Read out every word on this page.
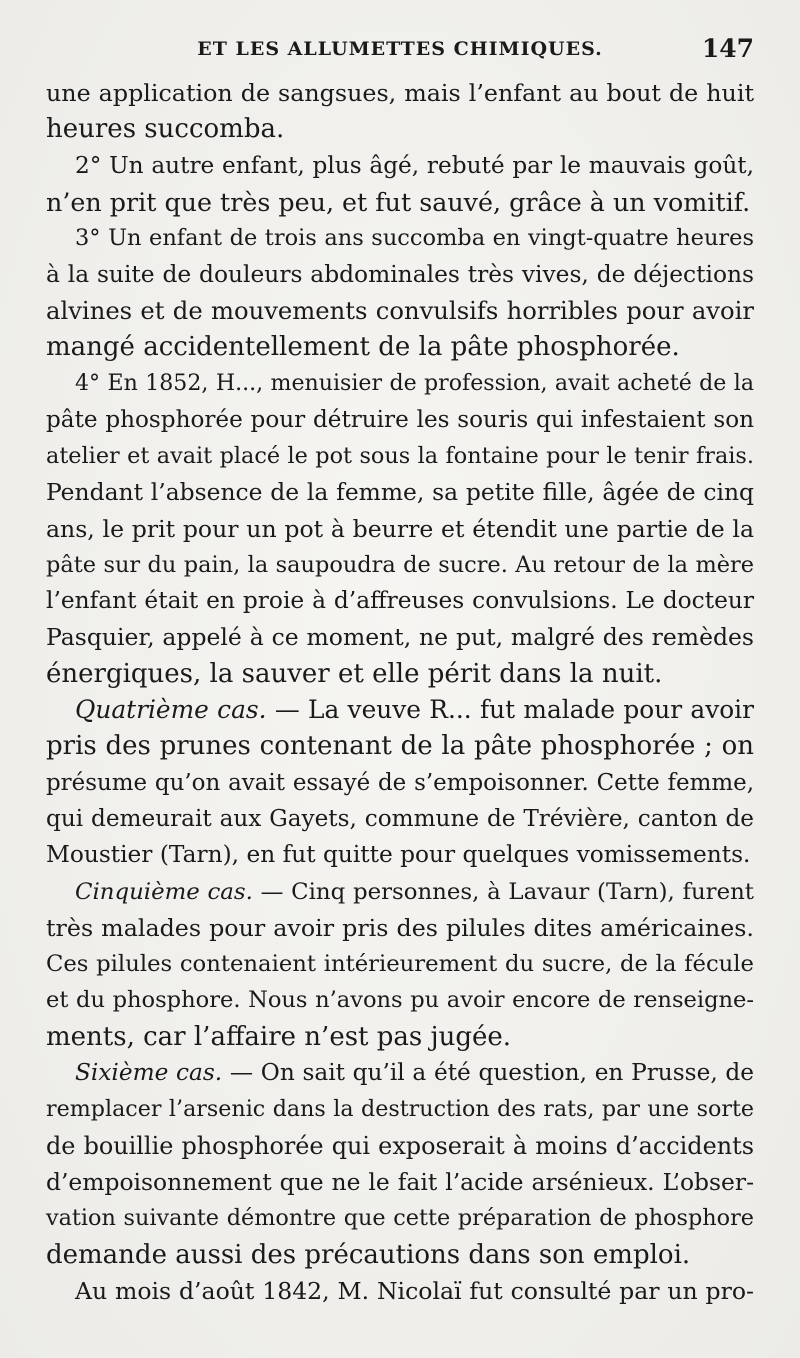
ET LES ALLUMETTES CHIMIQUES.	147
une application de sangsues, mais l’enfant au bout de huit
heures succomba.
2° Un autre enfant, plus âgé, rebuté par le mauvais goût,
n’en prit que très peu, et fut sauvé, grâce à un vomitif.
3° Un enfant de trois ans succomba en vingt-quatre heures
à la suite de douleurs abdominales très vives, de déjections
alvines et de mouvements convulsifs horribles pour avoir
mangé accidentellement de la pâte phosphorée.
4° En 1852, H..., menuisier de profession, avait acheté de la
pâte phosphorée pour détruire les souris qui infestaient son
atelier et avait placé le pot sous la fontaine pour le tenir frais.
Pendant l’absence de la femme, sa petite fille, âgée de cinq
ans, le prit pour un pot à beurre et étendit une partie de la
pâte sur du pain, la saupoudra de sucre. Au retour de la mère
l’enfant était en proie à d’affreuses convulsions. Le docteur
Pasquier, appelé à ce moment, ne put, malgré des remèdes
énergiques, la sauver et elle périt dans la nuit.
Quatrième cas. — La veuve R... fut malade pour avoir
pris des prunes contenant de la pâte phosphorée ; on
présume qu’on avait essayé de s’empoisonner. Cette femme,
qui demeurait aux Gayets, commune de Trévière, canton de
Moustier (Tarn), en fut quitte pour quelques vomissements.
Cinquième cas. — Cinq personnes, à Lavaur (Tarn), furent
très malades pour avoir pris des pilules dites américaines.
Ces pilules contenaient intérieurement du sucre, de la fécule
et du phosphore. Nous n’avons pu avoir encore de renseigne-
ments, car l’affaire n’est pas jugée.
Sixième cas. — On sait qu’il a été question, en Prusse, de
remplacer l’arsenic dans la destruction des rats, par une sorte
de bouillie phosphorée qui exposerait à moins d’accidents
d’empoisonnement que ne le fait l’acide arsénieux. L’obser-
vation suivante démontre que cette préparation de phosphore
demande aussi des précautions dans son emploi.
Au mois d’août 1842, M. Nicolaï fut consulté par un pro-
